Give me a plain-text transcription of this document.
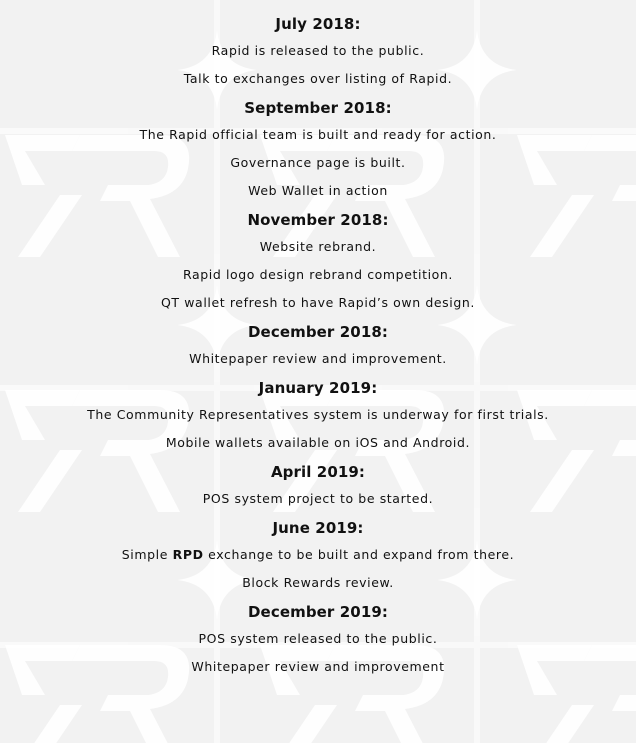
July 2018:
Rapid is released to the public.
Talk to exchanges over listing of Rapid.
September 2018:
The Rapid official team is built and ready for action.
Governance page is built.
Web Wallet in action
November 2018:
Website rebrand.
Rapid logo design rebrand competition.
QT wallet refresh to have Rapid’s own design.
December 2018:
Whitepaper review and improvement.
January 2019:
The Community Representatives system is underway for first trials.
Mobile wallets available on iOS and Android.
April 2019:
POS system project to be started.
June 2019:
Simple RPD exchange to be built and expand from there.
Block Rewards review.
December 2019:
POS system released to the public.
Whitepaper review and improvement
